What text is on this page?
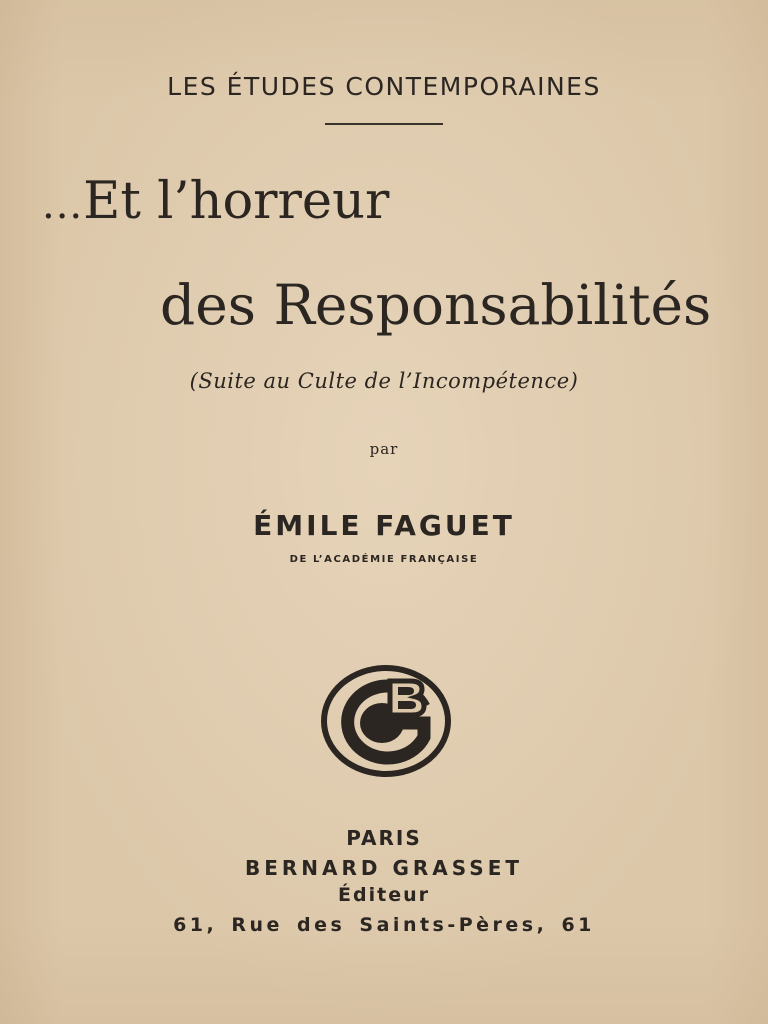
LES ÉTUDES CONTEMPORAINES
...Et l’horreur
des Responsabilités
(Suite au Culte de l’Incompétence)
par
ÉMILE FAGUET
DE L’ACADÉMIE FRANÇAISE
PARIS
BERNARD GRASSET
Éditeur
61, Rue des Saints-Pères, 61
